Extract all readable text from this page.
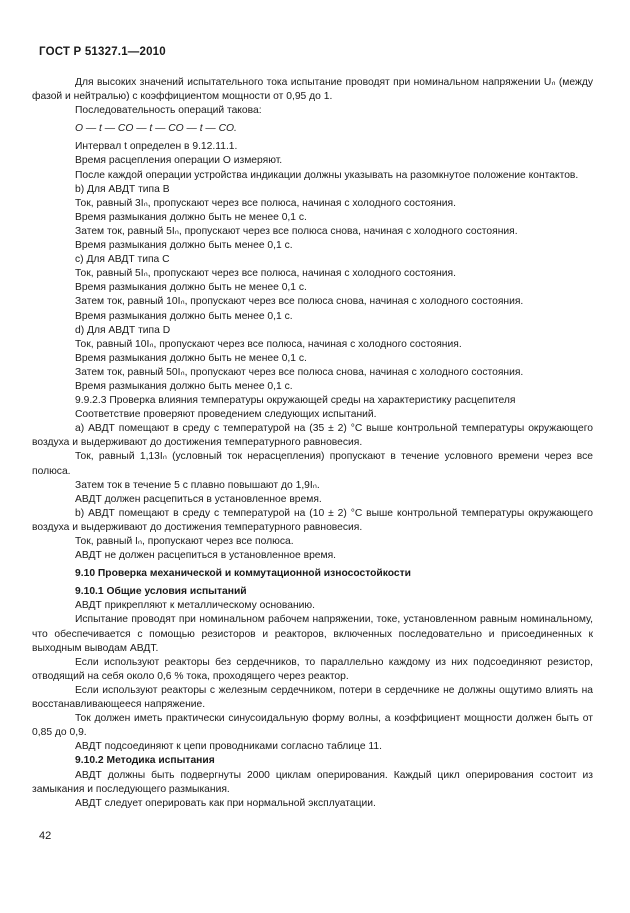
ГОСТ Р 51327.1—2010

Для высоких значений испытательного тока испытание проводят при номинальном напряжении Uₙ (между фазой и нейтралью) с коэффициентом мощности от 0,95 до 1.

Последовательность операций такова:

O — t — CO — t — CO — t — CO.

Интервал t определен в 9.12.11.1.

Время расцепления операции O измеряют.

После каждой операции устройства индикации должны указывать на разомкнутое положение контактов.

b) Для АВДТ типа B

Ток, равный 3Iₙ, пропускают через все полюса, начиная с холодного состояния.

Время размыкания должно быть не менее 0,1 с.

Затем ток, равный 5Iₙ, пропускают через все полюса снова, начиная с холодного состояния.

Время размыкания должно быть менее 0,1 с.

с) Для АВДТ типа C

Ток, равный 5Iₙ, пропускают через все полюса, начиная с холодного состояния.

Время размыкания должно быть не менее 0,1 с.

Затем ток, равный 10Iₙ, пропускают через все полюса снова, начиная с холодного состояния.

Время размыкания должно быть менее 0,1 с.

d) Для АВДТ типа D

Ток, равный 10Iₙ, пропускают через все полюса, начиная с холодного состояния.

Время размыкания должно быть не менее 0,1 с.

Затем ток, равный 50Iₙ, пропускают через все полюса снова, начиная с холодного состояния.

Время размыкания должно быть менее 0,1 с.

9.9.2.3 Проверка влияния температуры окружающей среды на характеристику расцепителя

Соответствие проверяют проведением следующих испытаний.

a) АВДТ помещают в среду с температурой на (35 ± 2) °С выше контрольной температуры окружающего воздуха и выдерживают до достижения температурного равновесия.

Ток, равный 1,13Iₙ (условный ток нерасцепления) пропускают в течение условного времени через все полюса.

Затем ток в течение 5 с плавно повышают до 1,9Iₙ.

АВДТ должен расцепиться в установленное время.

b) АВДТ помещают в среду с температурой на (10 ± 2) °С выше контрольной температуры окружающего воздуха и выдерживают до достижения температурного равновесия.

Ток, равный Iₙ, пропускают через все полюса.

АВДТ не должен расцепиться в установленное время.

9.10 Проверка механической и коммутационной износостойкости

9.10.1 Общие условия испытаний

АВДТ прикрепляют к металлическому основанию.

Испытание проводят при номинальном рабочем напряжении, токе, установленном равным номинальному, что обеспечивается с помощью резисторов и реакторов, включенных последовательно и присоединенных к выходным выводам АВДТ.

Если используют реакторы без сердечников, то параллельно каждому из них подсоединяют резистор, отводящий на себя около 0,6 % тока, проходящего через реактор.

Если используют реакторы с железным сердечником, потери в сердечнике не должны ощутимо влиять на восстанавливающееся напряжение.

Ток должен иметь практически синусоидальную форму волны, а коэффициент мощности должен быть от 0,85 до 0,9.

АВДТ подсоединяют к цепи проводниками согласно таблице 11.

9.10.2 Методика испытания

АВДТ должны быть подвергнуты 2000 циклам оперирования. Каждый цикл оперирования состоит из замыкания и последующего размыкания.

АВДТ следует оперировать как при нормальной эксплуатации.

42
